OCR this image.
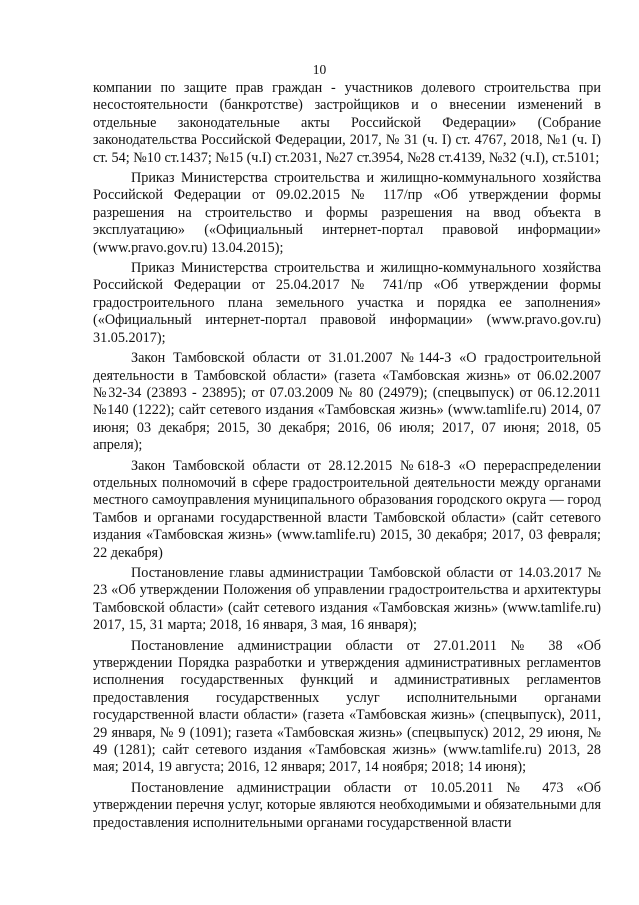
10

компании по защите прав граждан - участников долевого строительства при несостоятельности (банкротстве) застройщиков и о внесении изменений в отдельные законодательные акты Российской Федерации» (Собрание законодательства Российской Федерации, 2017, № 31 (ч. I) ст. 4767, 2018, №1 (ч. I) ст. 54; №10 ст.1437; №15 (ч.I) ст.2031, №27 ст.3954, №28 ст.4139, №32 (ч.I), ст.5101;

Приказ Министерства строительства и жилищно-коммунального хозяйства Российской Федерации от 09.02.2015 № 117/пр «Об утверждении формы разрешения на строительство и формы разрешения на ввод объекта в эксплуатацию» («Официальный интернет-портал правовой информации» (www.pravo.gov.ru) 13.04.2015);

Приказ Министерства строительства и жилищно-коммунального хозяйства Российской Федерации от 25.04.2017 № 741/пр «Об утверждении формы градостроительного плана земельного участка и порядка ее заполнения» («Официальный интернет-портал правовой информации» (www.pravo.gov.ru) 31.05.2017);

Закон Тамбовской области от 31.01.2007 №144-З «О градостроительной деятельности в Тамбовской области» (газета «Тамбовская жизнь» от 06.02.2007 №32-34 (23893 - 23895); от 07.03.2009 № 80 (24979); (спецвыпуск) от 06.12.2011 №140 (1222); сайт сетевого издания «Тамбовская жизнь» (www.tamlife.ru) 2014, 07 июня; 03 декабря; 2015, 30 декабря; 2016, 06 июля; 2017, 07 июня; 2018, 05 апреля);

Закон Тамбовской области от 28.12.2015 №618-З «О перераспределении отдельных полномочий в сфере градостроительной деятельности между органами местного самоуправления муниципального образования городского округа — город Тамбов и органами государственной власти Тамбовской области» (сайт сетевого издания «Тамбовская жизнь» (www.tamlife.ru) 2015, 30 декабря; 2017, 03 февраля; 22 декабря)

Постановление главы администрации Тамбовской области от 14.03.2017 № 23 «Об утверждении Положения об управлении градостроительства и архитектуры Тамбовской области» (сайт сетевого издания «Тамбовская жизнь» (www.tamlife.ru) 2017, 15, 31 марта; 2018, 16 января, 3 мая, 16 января);

Постановление администрации области от 27.01.2011 № 38 «Об утверждении Порядка разработки и утверждения административных регламентов исполнения государственных функций и административных регламентов предоставления государственных услуг исполнительными органами государственной власти области» (газета «Тамбовская жизнь» (спецвыпуск), 2011, 29 января, № 9 (1091); газета «Тамбовская жизнь» (спецвыпуск) 2012, 29 июня, № 49 (1281); сайт сетевого издания «Тамбовская жизнь» (www.tamlife.ru) 2013, 28 мая; 2014, 19 августа; 2016, 12 января; 2017, 14 ноября; 2018; 14 июня);

Постановление администрации области от 10.05.2011 № 473 «Об утверждении перечня услуг, которые являются необходимыми и обязательными для предоставления исполнительными органами государственной власти
